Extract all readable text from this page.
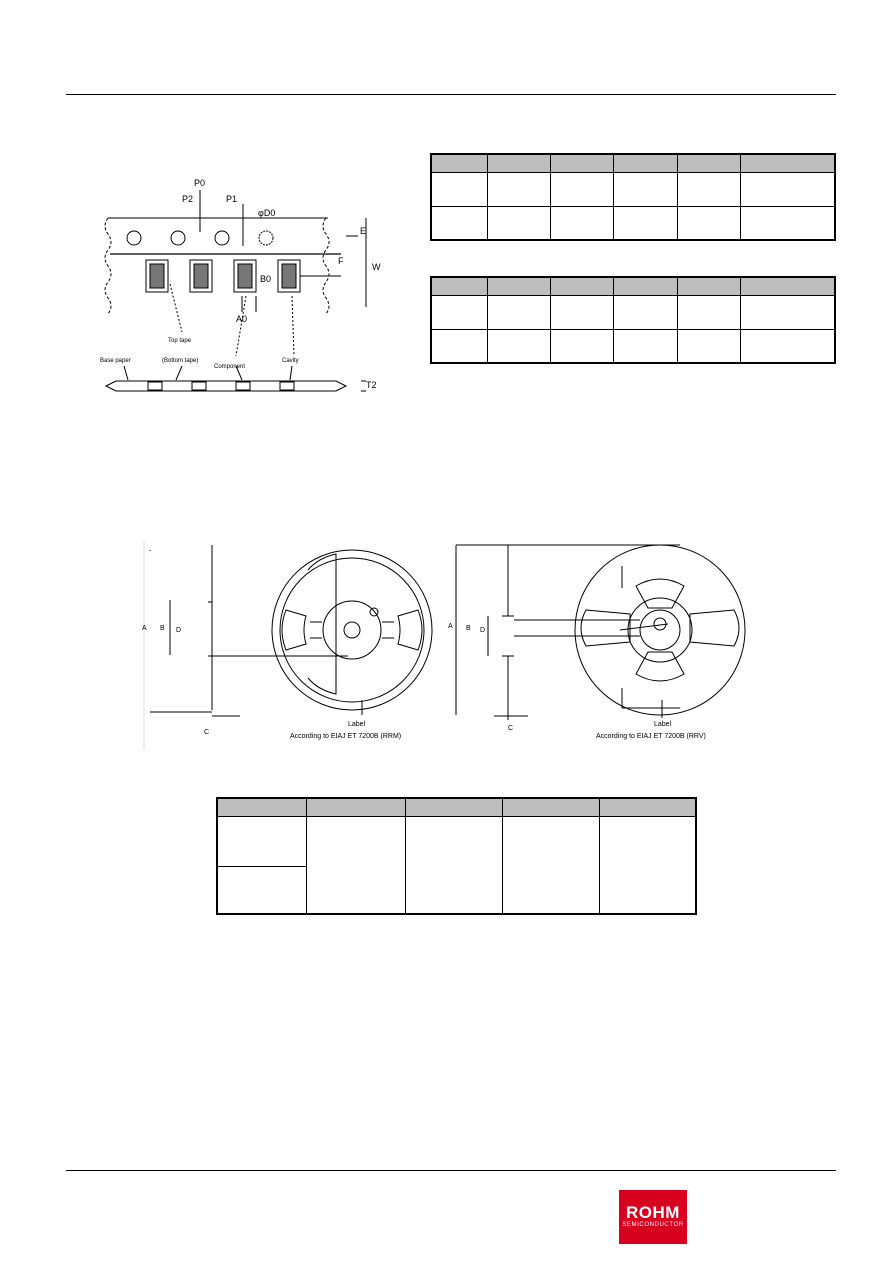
P0
P2	P1
φD0
E
F
W
B0
A0
T2
Top tape
Base paper	(Bottom tape)
Component
Cavity

A B D
C
Label
According to EIAJ ET 7200B (RRM)
A B D
C
Label
According to EIAJ ET 7200B (RRV)

ROHM
SEMICONDUCTOR
